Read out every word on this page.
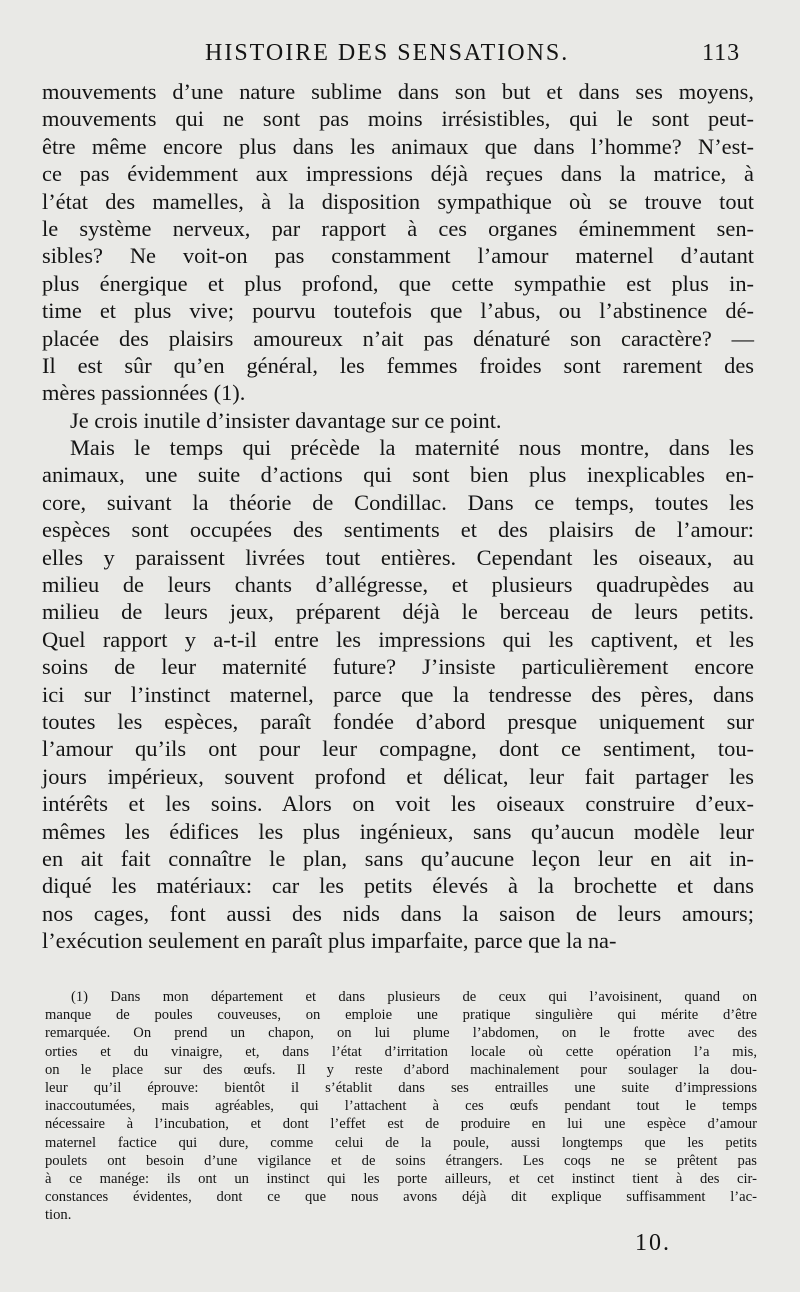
HISTOIRE DES SENSATIONS.	113
mouvements d’une nature sublime dans son but et dans ses moyens,
mouvements qui ne sont pas moins irrésistibles, qui le sont peut-
être même encore plus dans les animaux que dans l’homme? N’est-
ce pas évidemment aux impressions déjà reçues dans la matrice, à
l’état des mamelles, à la disposition sympathique où se trouve tout
le système nerveux, par rapport à ces organes éminemment sen-
sibles? Ne voit-on pas constamment l’amour maternel d’autant
plus énergique et plus profond, que cette sympathie est plus in-
time et plus vive; pourvu toutefois que l’abus, ou l’abstinence dé-
placée des plaisirs amoureux n’ait pas dénaturé son caractère? —
Il est sûr qu’en général, les femmes froides sont rarement des
mères passionnées (1).
Je crois inutile d’insister davantage sur ce point.
Mais le temps qui précède la maternité nous montre, dans les
animaux, une suite d’actions qui sont bien plus inexplicables en-
core, suivant la théorie de Condillac. Dans ce temps, toutes les
espèces sont occupées des sentiments et des plaisirs de l’amour:
elles y paraissent livrées tout entières. Cependant les oiseaux, au
milieu de leurs chants d’allégresse, et plusieurs quadrupèdes au
milieu de leurs jeux, préparent déjà le berceau de leurs petits.
Quel rapport y a-t-il entre les impressions qui les captivent, et les
soins de leur maternité future? J’insiste particulièrement encore
ici sur l’instinct maternel, parce que la tendresse des pères, dans
toutes les espèces, paraît fondée d’abord presque uniquement sur
l’amour qu’ils ont pour leur compagne, dont ce sentiment, tou-
jours impérieux, souvent profond et délicat, leur fait partager les
intérêts et les soins. Alors on voit les oiseaux construire d’eux-
mêmes les édifices les plus ingénieux, sans qu’aucun modèle leur
en ait fait connaître le plan, sans qu’aucune leçon leur en ait in-
diqué les matériaux: car les petits élevés à la brochette et dans
nos cages, font aussi des nids dans la saison de leurs amours;
l’exécution seulement en paraît plus imparfaite, parce que la na-
(1) Dans mon département et dans plusieurs de ceux qui l’avoisinent, quand on
manque de poules couveuses, on emploie une pratique singulière qui mérite d’être
remarquée. On prend un chapon, on lui plume l’abdomen, on le frotte avec des
orties et du vinaigre, et, dans l’état d’irritation locale où cette opération l’a mis,
on le place sur des œufs. Il y reste d’abord machinalement pour soulager la dou-
leur qu’il éprouve: bientôt il s’établit dans ses entrailles une suite d’impressions
inaccoutumées, mais agréables, qui l’attachent à ces œufs pendant tout le temps
nécessaire à l’incubation, et dont l’effet est de produire en lui une espèce d’amour
maternel factice qui dure, comme celui de la poule, aussi longtemps que les petits
poulets ont besoin d’une vigilance et de soins étrangers. Les coqs ne se prêtent pas
à ce manége: ils ont un instinct qui les porte ailleurs, et cet instinct tient à des cir-
constances évidentes, dont ce que nous avons déjà dit explique suffisamment l’ac-
tion.
10.
